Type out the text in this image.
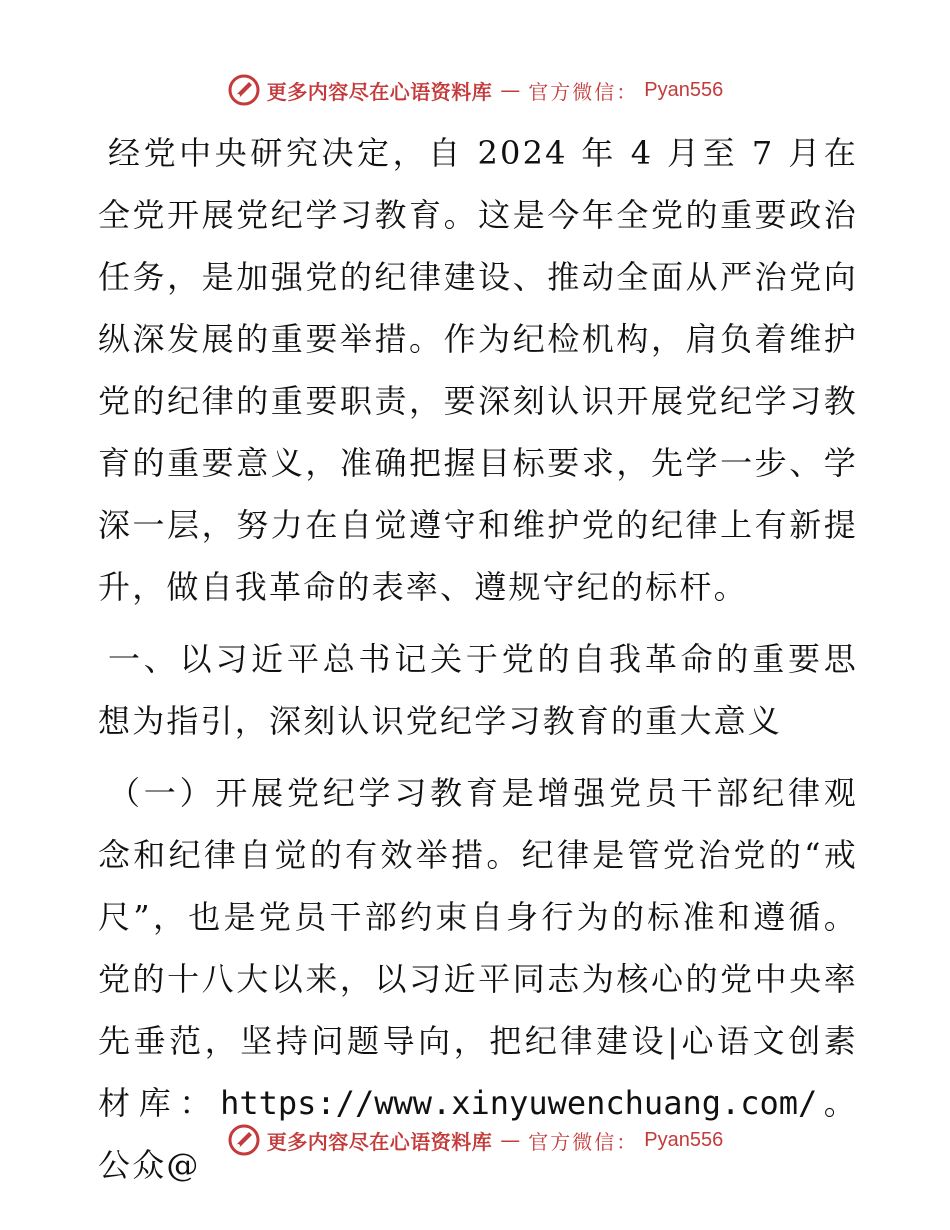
更多内容尽在心语资料库 — 官方微信： Pyan556

经党中央研究决定，自 2024 年 4 月至 7 月在全党开展党纪学习教育。这是今年全党的重要政治任务，是加强党的纪律建设、推动全面从严治党向纵深发展的重要举措。作为纪检机构，肩负着维护党的纪律的重要职责，要深刻认识开展党纪学习教育的重要意义，准确把握目标要求，先学一步、学深一层，努力在自觉遵守和维护党的纪律上有新提升，做自我革命的表率、遵规守纪的标杆。

一、以习近平总书记关于党的自我革命的重要思想为指引，深刻认识党纪学习教育的重大意义

（一）开展党纪学习教育是增强党员干部纪律观念和纪律自觉的有效举措。纪律是管党治党的“戒尺”，也是党员干部约束自身行为的标准和遵循。党的十八大以来，以习近平同志为核心的党中央率先垂范，坚持问题导向，把纪律建设|心语文创素材库：https://www.xinyuwenchuang.com/。公众@

更多内容尽在心语资料库 — 官方微信： Pyan556
